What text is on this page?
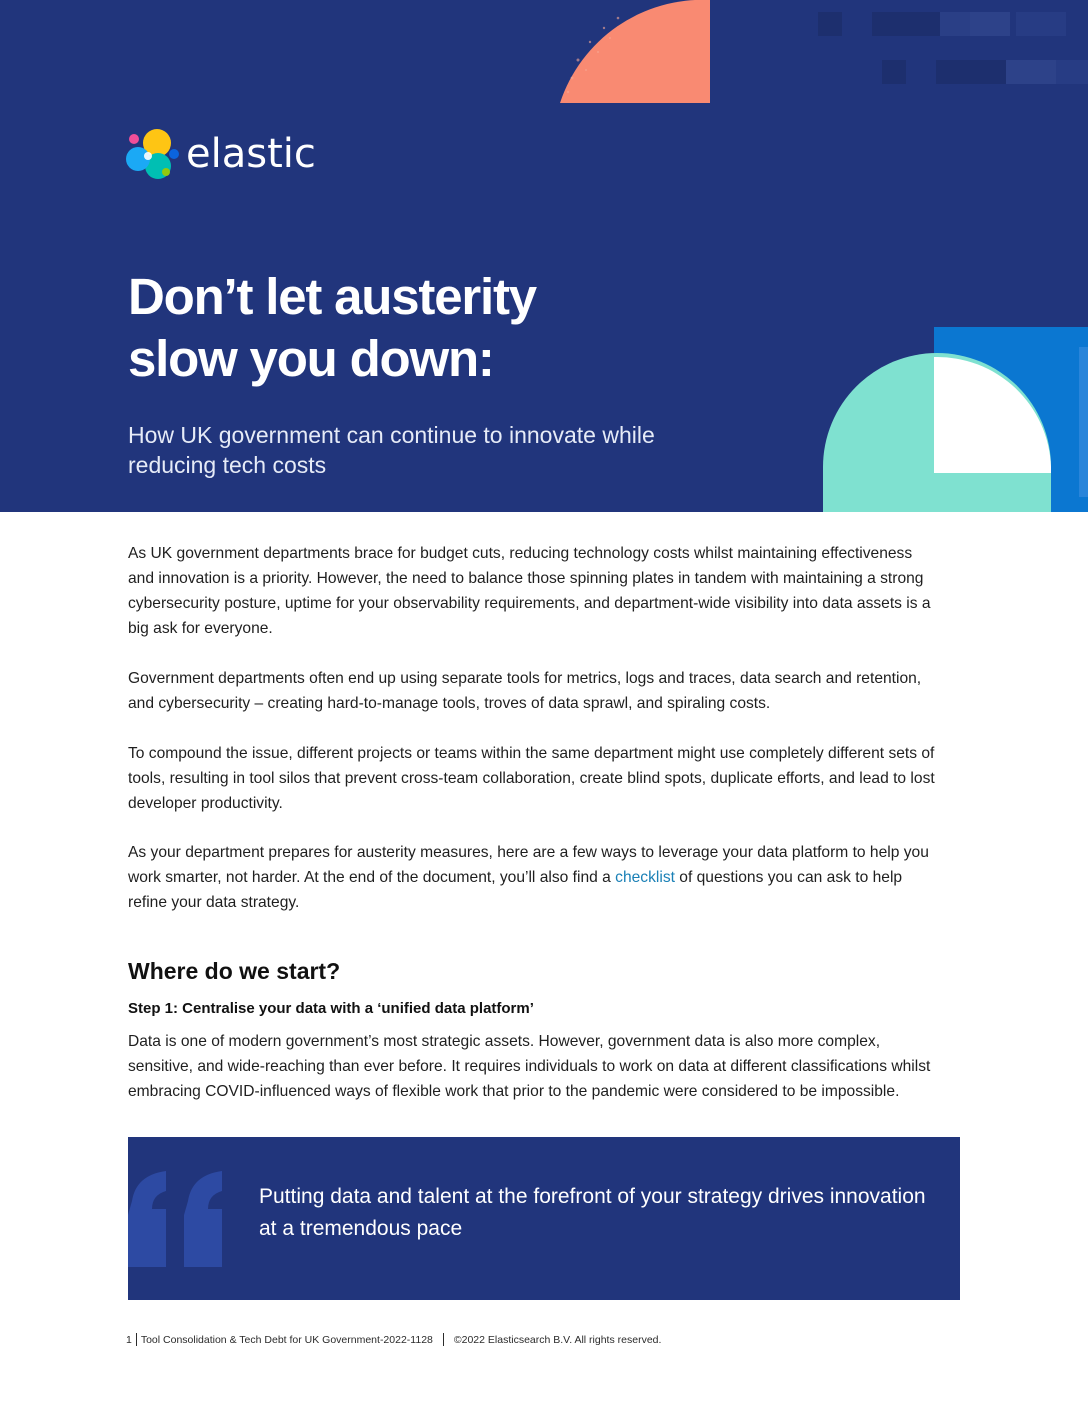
elastic
Don’t let austerity
slow you down:

How UK government can continue to innovate while
reducing tech costs

As UK government departments brace for budget cuts, reducing technology costs whilst maintaining effectiveness and innovation is a priority. However, the need to balance those spinning plates in tandem with maintaining a strong cybersecurity posture, uptime for your observability requirements, and department-wide visibility into data assets is a big ask for everyone.

Government departments often end up using separate tools for metrics, logs and traces, data search and retention, and cybersecurity – creating hard-to-manage tools, troves of data sprawl, and spiraling costs.

To compound the issue, different projects or teams within the same department might use completely different sets of tools, resulting in tool silos that prevent cross-team collaboration, create blind spots, duplicate efforts, and lead to lost developer productivity.

As your department prepares for austerity measures, here are a few ways to leverage your data platform to help you work smarter, not harder. At the end of the document, you’ll also find a checklist of questions you can ask to help refine your data strategy.

Where do we start?
Step 1: Centralise your data with a ‘unified data platform’

Data is one of modern government’s most strategic assets. However, government data is also more complex, sensitive, and wide-reaching than ever before. It requires individuals to work on data at different classifications whilst embracing COVID-influenced ways of flexible work that prior to the pandemic were considered to be impossible.

Putting data and talent at the forefront of your strategy drives innovation at a tremendous pace

1 Tool Consolidation & Tech Debt for UK Government-2022-1128 ©2022 Elasticsearch B.V. All rights reserved.
